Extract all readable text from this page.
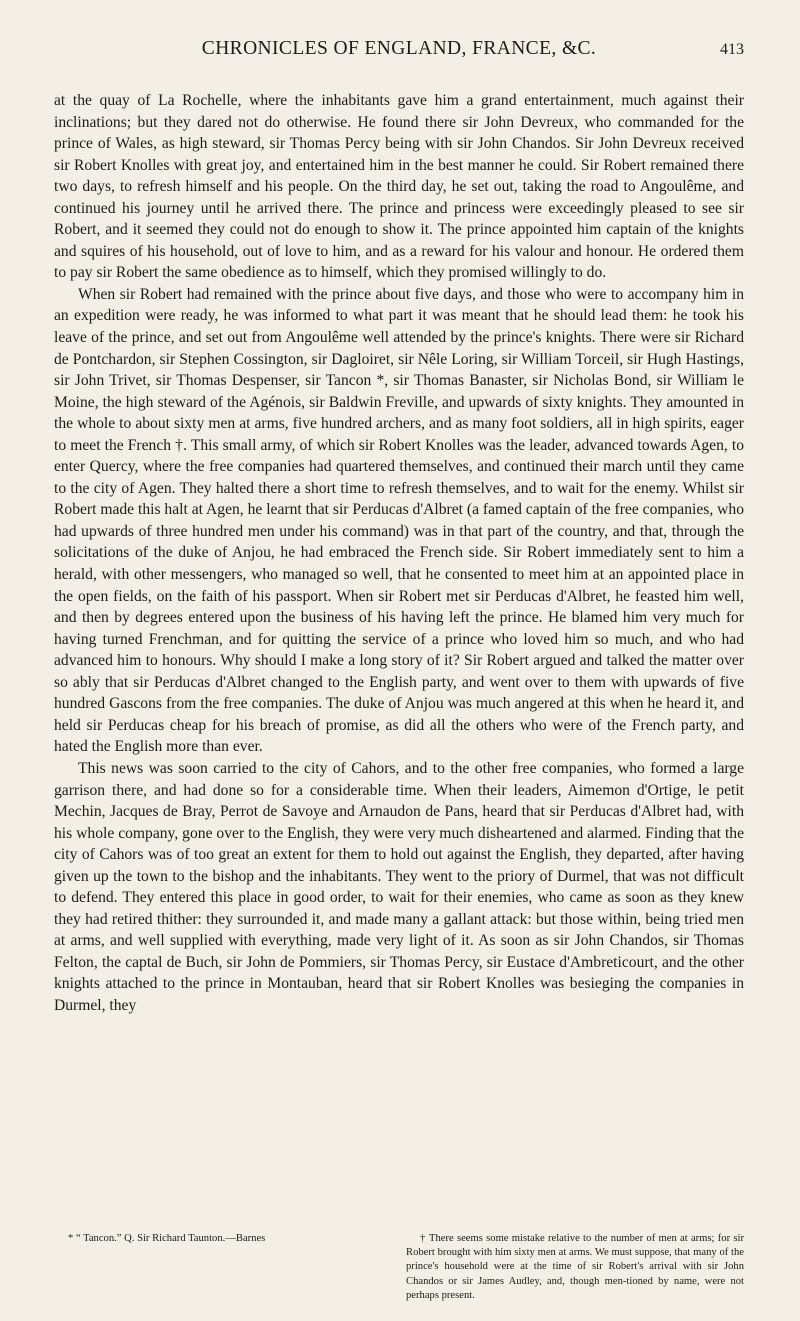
CHRONICLES OF ENGLAND, FRANCE, &C.	413

at the quay of La Rochelle, where the inhabitants gave him a grand entertainment, much against their inclinations; but they dared not do otherwise. He found there sir John Devreux, who commanded for the prince of Wales, as high steward, sir Thomas Percy being with sir John Chandos. Sir John Devreux received sir Robert Knolles with great joy, and entertained him in the best manner he could. Sir Robert remained there two days, to refresh himself and his people. On the third day, he set out, taking the road to Angoulême, and continued his journey until he arrived there. The prince and princess were exceedingly pleased to see sir Robert, and it seemed they could not do enough to show it. The prince appointed him captain of the knights and squires of his household, out of love to him, and as a reward for his valour and honour. He ordered them to pay sir Robert the same obedience as to himself, which they promised willingly to do.

When sir Robert had remained with the prince about five days, and those who were to accompany him in an expedition were ready, he was informed to what part it was meant that he should lead them: he took his leave of the prince, and set out from Angoulême well attended by the prince's knights. There were sir Richard de Pontchardon, sir Stephen Cossington, sir Dagloiret, sir Nêle Loring, sir William Torceil, sir Hugh Hastings, sir John Trivet, sir Thomas Despenser, sir Tancon *, sir Thomas Banaster, sir Nicholas Bond, sir William le Moine, the high steward of the Agénois, sir Baldwin Freville, and upwards of sixty knights. They amounted in the whole to about sixty men at arms, five hundred archers, and as many foot soldiers, all in high spirits, eager to meet the French †. This small army, of which sir Robert Knolles was the leader, advanced towards Agen, to enter Quercy, where the free companies had quartered themselves, and continued their march until they came to the city of Agen. They halted there a short time to refresh themselves, and to wait for the enemy. Whilst sir Robert made this halt at Agen, he learnt that sir Perducas d'Albret (a famed captain of the free companies, who had upwards of three hundred men under his command) was in that part of the country, and that, through the solicitations of the duke of Anjou, he had embraced the French side. Sir Robert immediately sent to him a herald, with other messengers, who managed so well, that he consented to meet him at an appointed place in the open fields, on the faith of his passport. When sir Robert met sir Perducas d'Albret, he feasted him well, and then by degrees entered upon the business of his having left the prince. He blamed him very much for having turned Frenchman, and for quitting the service of a prince who loved him so much, and who had advanced him to honours. Why should I make a long story of it? Sir Robert argued and talked the matter over so ably that sir Perducas d'Albret changed to the English party, and went over to them with upwards of five hundred Gascons from the free companies. The duke of Anjou was much angered at this when he heard it, and held sir Perducas cheap for his breach of promise, as did all the others who were of the French party, and hated the English more than ever.

This news was soon carried to the city of Cahors, and to the other free companies, who formed a large garrison there, and had done so for a considerable time. When their leaders, Aimemon d'Ortige, le petit Mechin, Jacques de Bray, Perrot de Savoye and Arnaudon de Pans, heard that sir Perducas d'Albret had, with his whole company, gone over to the English, they were very much disheartened and alarmed. Finding that the city of Cahors was of too great an extent for them to hold out against the English, they departed, after having given up the town to the bishop and the inhabitants. They went to the priory of Durmel, that was not difficult to defend. They entered this place in good order, to wait for their enemies, who came as soon as they knew they had retired thither: they surrounded it, and made many a gallant attack: but those within, being tried men at arms, and well supplied with everything, made very light of it. As soon as sir John Chandos, sir Thomas Felton, the captal de Buch, sir John de Pommiers, sir Thomas Percy, sir Eustace d'Ambreticourt, and the other knights attached to the prince in Montauban, heard that sir Robert Knolles was besieging the companies in Durmel, they

* “ Tancon.” Q. Sir Richard Taunton.—Barnes	† There seems some mistake relative to the number of men at arms; for sir Robert brought with him sixty men at arms. We must suppose, that many of the prince's household were at the time of sir Robert's arrival with sir John Chandos or sir James Audley, and, though men-tioned by name, were not perhaps present.
